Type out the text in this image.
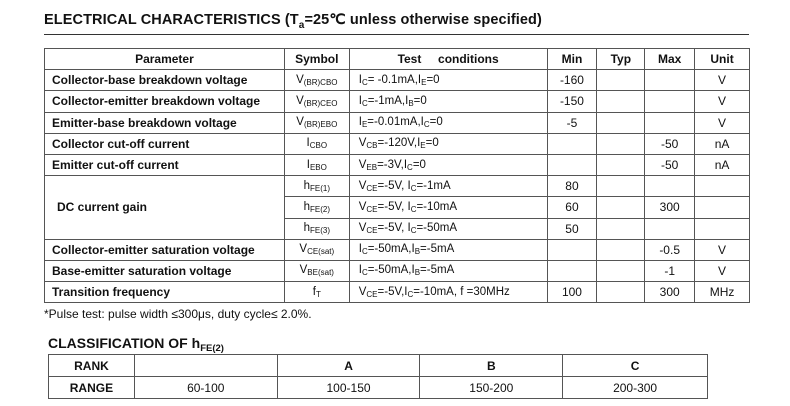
ELECTRICAL CHARACTERISTICS ($T_a=25℃$ unless otherwise specified)
Parameter	Symbol	Test     conditions	Min	Typ	Max	Unit
Collector-base breakdown voltage	$V_{(BR)CBO}$	$I_C= -0.1mA,I_E=0$	-160			V
Collector-emitter breakdown voltage	$V_{(BR)CEO}$	$I_C=-1mA,I_B=0$	-150			V
Emitter-base breakdown voltage	$V_{(BR)EBO}$	$I_E=-0.01mA,I_C=0$	-5			V
Collector cut-off current	$I_{CBO}$	$V_{CB}=-120V,I_E=0$			-50	nA
Emitter cut-off current	$I_{EBO}$	$V_{EB}=-3V,I_C=0$			-50	nA
DC current gain	$h_{FE(1)}$	$V_{CE}=-5V$, $I_C=-1mA$	80			
	$h_{FE(2)}$	$V_{CE}=-5V$, $I_C=-10mA$	60		300	
	$h_{FE(3)}$	$V_{CE}=-5V$, $I_C=-50mA$	50			
Collector-emitter saturation voltage	$V_{CE(sat)}$	$I_C=-50mA,I_B=-5mA$			-0.5	V
Base-emitter saturation voltage	$V_{BE(sat)}$	$I_C=-50mA,I_B=-5mA$			-1	V
Transition frequency	$f_T$	$V_{CE}=-5V,I_C=-10mA$, f =30MHz	100		300	MHz
*Pulse test: pulse width ≤300μs, duty cycle≤ 2.0%.
CLASSIFICATION OF $h_{FE(2)}$
RANK		A	B	C
RANGE	60-100	100-150	150-200	200-300
